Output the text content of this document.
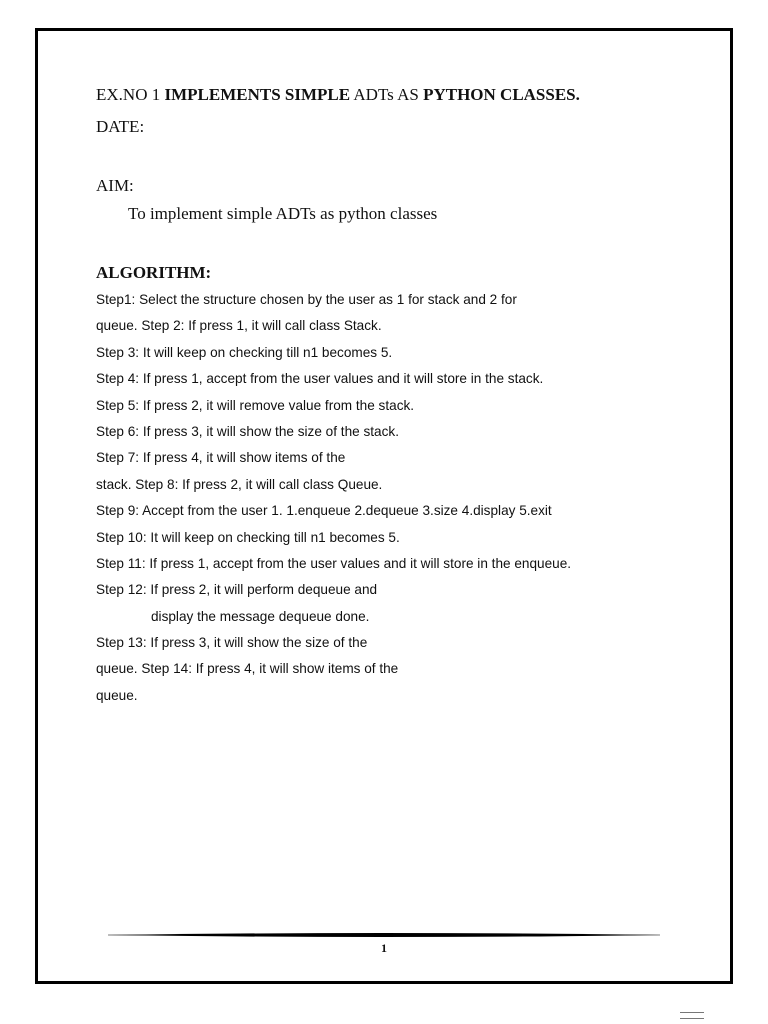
EX.NO 1 IMPLEMENTS SIMPLE ADTs AS PYTHON CLASSES.
DATE:
AIM:
To implement simple ADTs as python classes
ALGORITHM:
Step1: Select the structure chosen by the user as 1 for stack and 2 for
queue. Step 2: If press 1, it will call class Stack.
Step 3: It will keep on checking till n1 becomes 5.
Step 4: If press 1, accept from the user values and it will store in the stack.
Step 5: If press 2, it will remove value from the stack.
Step 6: If press 3, it will show the size of the stack.
Step 7: If press 4, it will show items of the
stack. Step 8: If press 2, it will call class Queue.
Step 9: Accept from the user 1. 1.enqueue 2.dequeue 3.size 4.display 5.exit
Step 10: It will keep on checking till n1 becomes 5.
Step 11: If press 1, accept from the user values and it will store in the enqueue.
Step 12: If press 2, it will perform dequeue and
display the message dequeue done.
Step 13: If press 3, it will show the size of the
queue. Step 14: If press 4, it will show items of the
queue.
1
